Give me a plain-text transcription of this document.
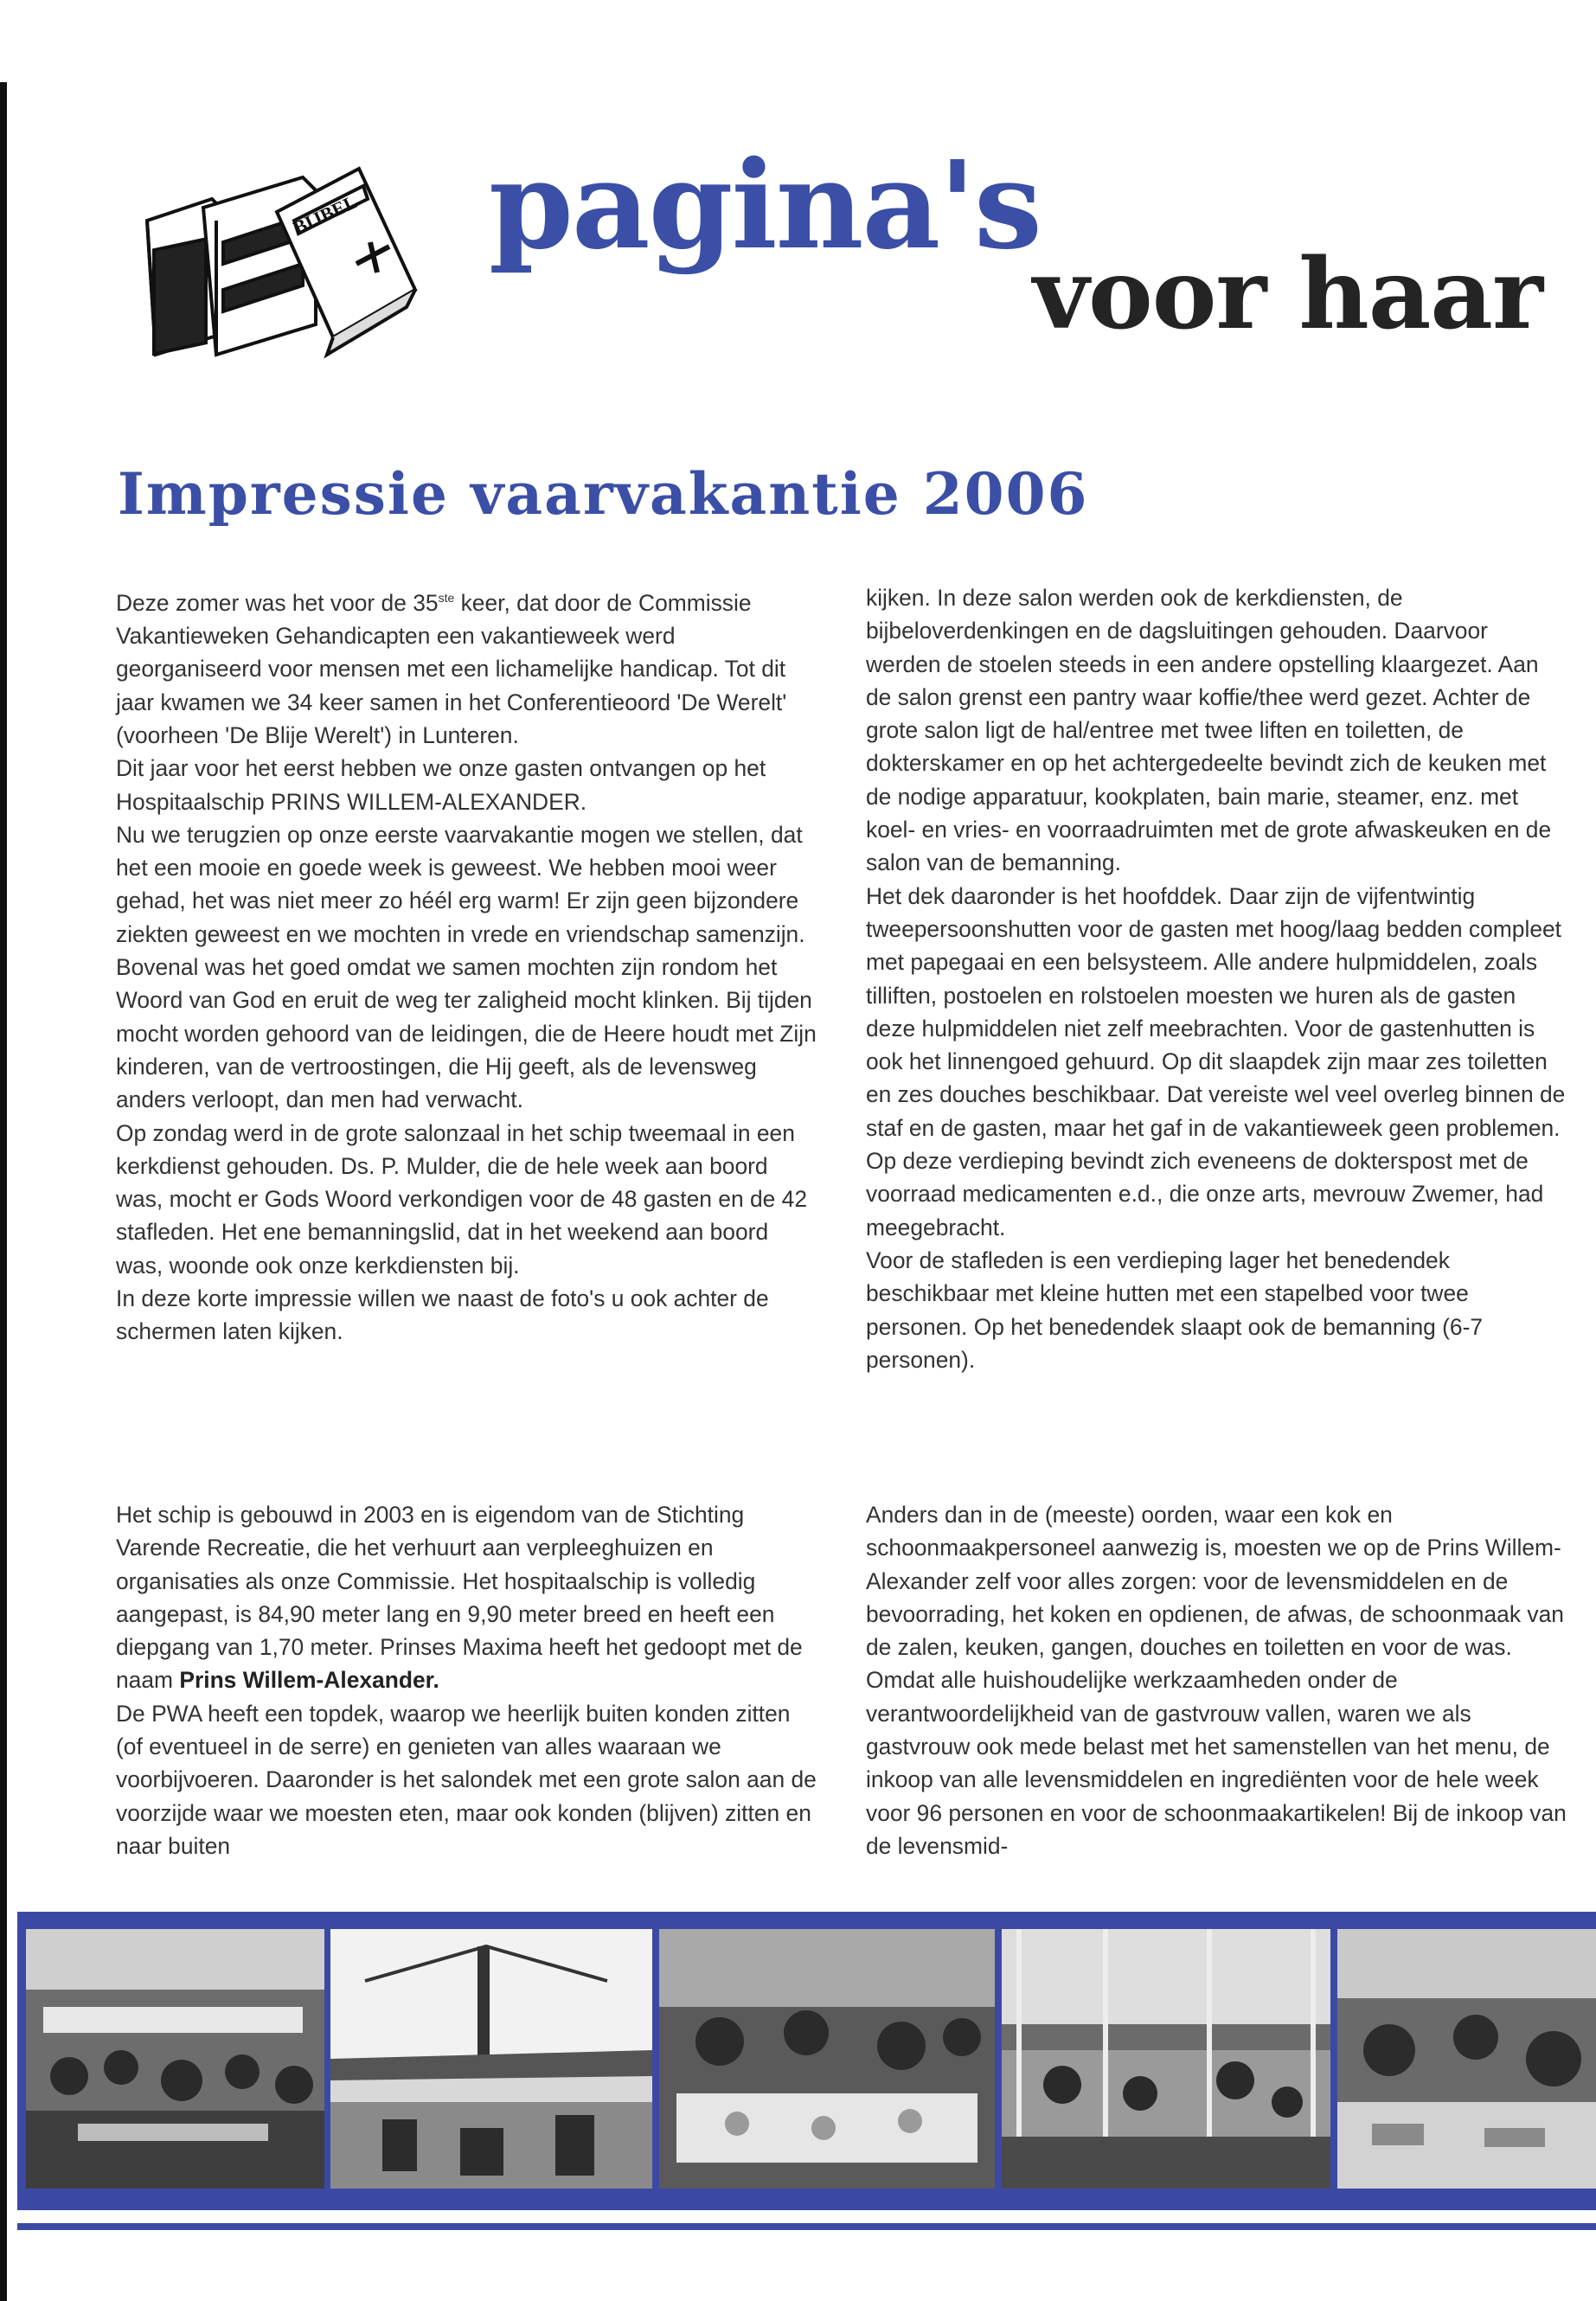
BIJBEL pagina's
voor haar
Impressie vaarvakantie 2006

Deze zomer was het voor de 35ste keer, dat door de Commissie Vakantieweken Gehandicapten een vakantieweek werd georganiseerd voor mensen met een lichamelijke handicap. Tot dit jaar kwamen we 34 keer samen in het Conferentieoord 'De Werelt' (voorheen 'De Blije Werelt') in Lunteren.

Dit jaar voor het eerst hebben we onze gasten ontvangen op het Hospitaalschip PRINS WILLEM-ALEXANDER.

Nu we terugzien op onze eerste vaarvakantie mogen we stellen, dat het een mooie en goede week is geweest. We hebben mooi weer gehad, het was niet meer zo héél erg warm! Er zijn geen bijzondere ziekten geweest en we mochten in vrede en vriendschap samenzijn. Bovenal was het goed omdat we samen mochten zijn rondom het Woord van God en eruit de weg ter zaligheid mocht klinken. Bij tijden mocht worden gehoord van de leidingen, die de Heere houdt met Zijn kinderen, van de vertroostingen, die Hij geeft, als de levensweg anders verloopt, dan men had verwacht.

Op zondag werd in de grote salonzaal in het schip tweemaal in een kerkdienst gehouden. Ds. P. Mulder, die de hele week aan boord was, mocht er Gods Woord verkondigen voor de 48 gasten en de 42 stafleden. Het ene bemanningslid, dat in het weekend aan boord was, woonde ook onze kerkdiensten bij.

In deze korte impressie willen we naast de foto's u ook achter de schermen laten kijken.

kijken. In deze salon werden ook de kerkdiensten, de bijbeloverdenkingen en de dagsluitingen gehouden. Daarvoor werden de stoelen steeds in een andere opstelling klaargezet. Aan de salon grenst een pantry waar koffie/thee werd gezet. Achter de grote salon ligt de hal/entree met twee liften en toiletten, de dokterskamer en op het achtergedeelte bevindt zich de keuken met de nodige apparatuur, kookplaten, bain marie, steamer, enz. met koel- en vries- en voorraadruimten met de grote afwaskeuken en de salon van de bemanning.

Het dek daaronder is het hoofddek. Daar zijn de vijfentwintig tweepersoonshutten voor de gasten met hoog/laag bedden compleet met papegaai en een belsysteem. Alle andere hulpmiddelen, zoals tilliften, postoelen en rolstoelen moesten we huren als de gasten deze hulpmiddelen niet zelf meebrachten. Voor de gastenhutten is ook het linnengoed gehuurd. Op dit slaapdek zijn maar zes toiletten en zes douches beschikbaar. Dat vereiste wel veel overleg binnen de staf en de gasten, maar het gaf in de vakantieweek geen problemen. Op deze verdieping bevindt zich eveneens de dokterspost met de voorraad medicamenten e.d., die onze arts, mevrouw Zwemer, had meegebracht.

Voor de stafleden is een verdieping lager het benedendek beschikbaar met kleine hutten met een stapelbed voor twee personen. Op het benedendek slaapt ook de bemanning (6-7 personen).

Het schip is gebouwd in 2003 en is eigendom van de Stichting Varende Recreatie, die het verhuurt aan verpleeghuizen en organisaties als onze Commissie. Het hospitaalschip is volledig aangepast, is 84,90 meter lang en 9,90 meter breed en heeft een diepgang van 1,70 meter. Prinses Maxima heeft het gedoopt met de naam Prins Willem-Alexander.

De PWA heeft een topdek, waarop we heerlijk buiten konden zitten (of eventueel in de serre) en genieten van alles waaraan we voorbijvoeren. Daaronder is het salondek met een grote salon aan de voorzijde waar we moesten eten, maar ook konden (blijven) zitten en naar buiten

Anders dan in de (meeste) oorden, waar een kok en schoonmaakpersoneel aanwezig is, moesten we op de Prins Willem-Alexander zelf voor alles zorgen: voor de levensmiddelen en de bevoorrading, het koken en opdienen, de afwas, de schoonmaak van de zalen, keuken, gangen, douches en toiletten en voor de was.

Omdat alle huishoudelijke werkzaamheden onder de verantwoordelijkheid van de gastvrouw vallen, waren we als gastvrouw ook mede belast met het samenstellen van het menu, de inkoop van alle levensmiddelen en ingrediënten voor de hele week voor 96 personen en voor de schoonmaakartikelen! Bij de inkoop van de levensmid-
